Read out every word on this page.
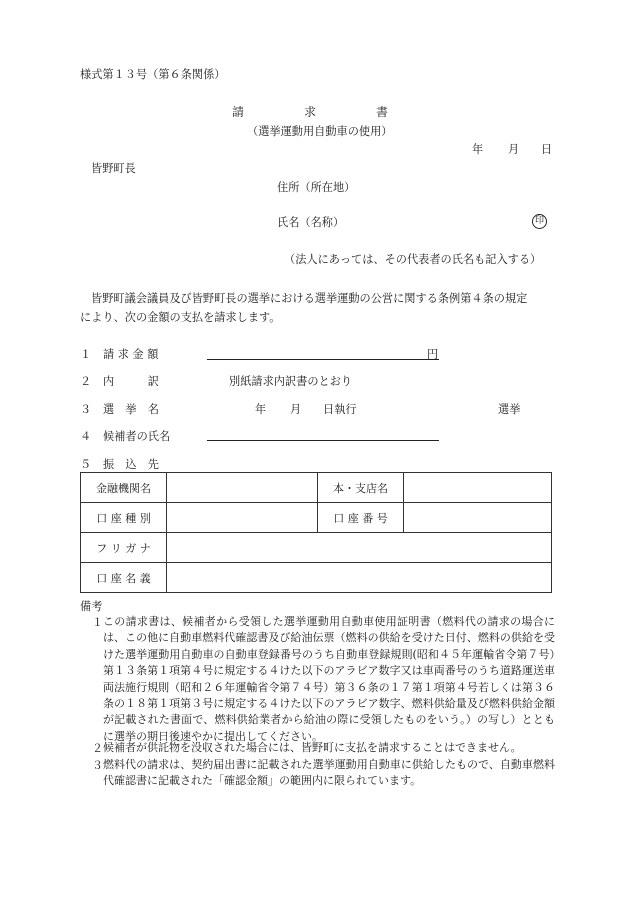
様式第１３号（第６条関係）
請　　　　　求　　　　　書
（選挙運動用自動車の使用）
年 月 日
皆野町長
住所（所在地）
氏名（名称）	印
（法人にあっては、その代表者の氏名も記入する）
皆野町議会議員及び皆野町長の選挙における選挙運動の公営に関する条例第４条の規定
により、次の金額の支払を請求します。
１ 請 求 金 額	円
２ 内　　　訳	別紙請求内訳書のとおり
３ 選　挙　名	年 月 日執行	選挙
４ 候補者の氏名
５ 振　込　先
金融機関名		本・支店名	
口 座 種 別		口 座 番 号	
フ リ ガ ナ			
口 座 名 義			
備考
１ この請求書は、候補者から受領した選挙運動用自動車使用証明書（燃料代の請求の場合には、この他に自動車燃料代確認書及び給油伝票（燃料の供給を受けた日付、燃料の供給を受けた選挙運動用自動車の自動車登録番号のうち自動車登録規則(昭和４５年運輸省令第７号）第１３条第１項第４号に規定する４けた以下のアラビア数字又は車両番号のうち道路運送車両法施行規則（昭和２６年運輸省令第７４号）第３６条の１７第１項第４号若しくは第３６条の１８第１項第３号に規定する４けた以下のアラビア数字、燃料供給量及び燃料供給金額が記載された書面で、燃料供給業者から給油の際に受領したものをいう。）の写し）とともに選挙の期日後速やかに提出してください。
２ 候補者が供託物を没収された場合には、皆野町に支払を請求することはできません。
３ 燃料代の請求は、契約届出書に記載された選挙運動用自動車に供給したもので、自動車燃料代確認書に記載された「確認金額」の範囲内に限られています。
